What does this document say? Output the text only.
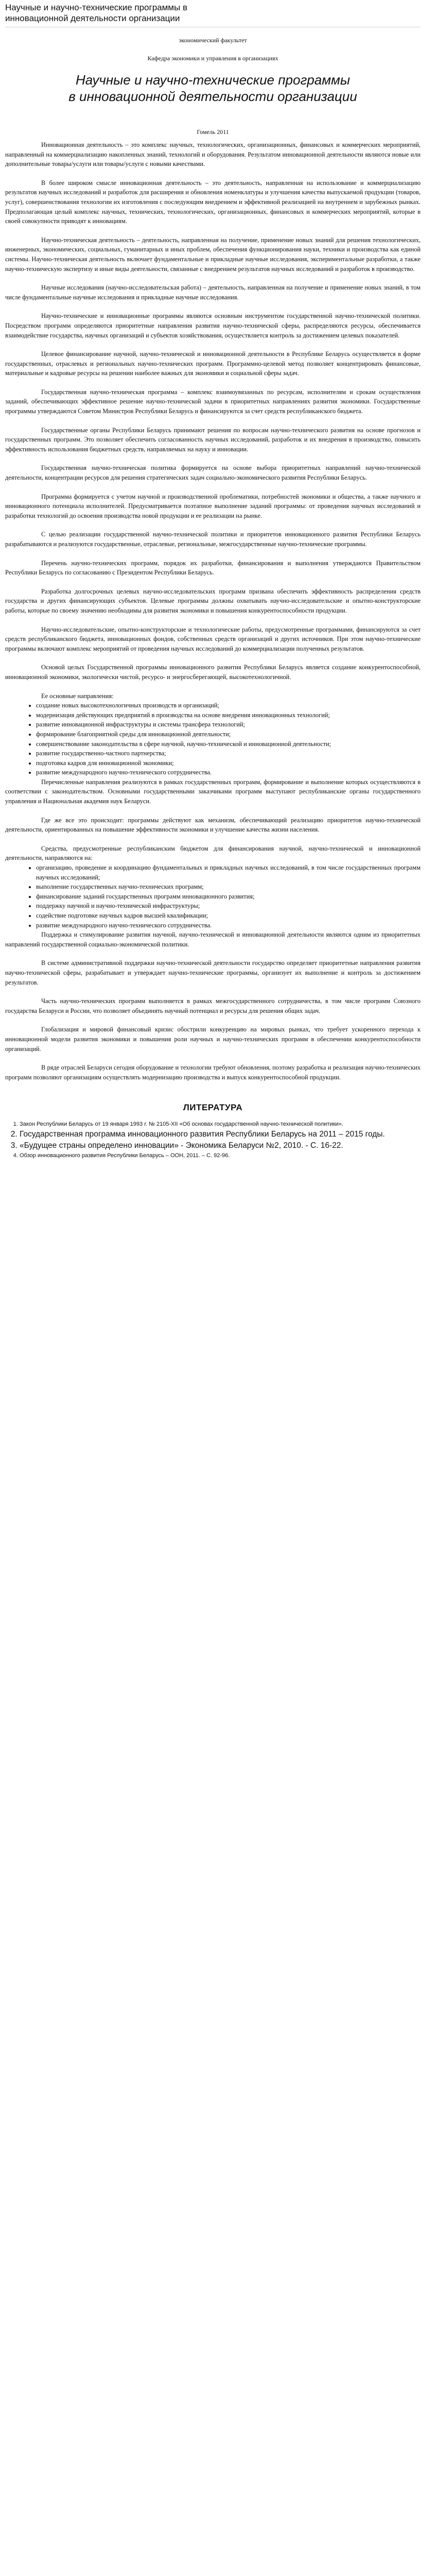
Научные и научно-технические программы в инновационной деятельности организации
экономический факультет
Кафедра экономики и управления в организациях
Научные и научно-технические программы
в инновационной деятельности организации
Гомель 2011

Инновационная деятельность – это комплекс научных, технологических, организационных, финансовых и коммерческих мероприятий, направленный на коммерциализацию накопленных знаний, технологий и оборудования. Результатом инновационной деятельности являются новые или дополнительные товары/услуги или товары/услуги с новыми качествами.

В более широком смысле инновационная деятельность – это деятельность, направленная на использование и коммерциализацию результатов научных исследований и разработок для расширения и обновления номенклатуры и улучшения качества выпускаемой продукции (товаров, услуг), совершенствования технологии их изготовления с последующим внедрением и эффективной реализацией на внутреннем и зарубежных рынках. Предполагающая целый комплекс научных, технических, технологических, организационных, финансовых и коммерческих мероприятий, которые в своей совокупности приводят к инновациям.

Научно-техническая деятельность – деятельность, направленная на получение, применение новых знаний для решения технологических, инженерных, экономических, социальных, гуманитарных и иных проблем, обеспечения функционирования науки, техники и производства как единой системы. Научно-техническая деятельность включает фундаментальные и прикладные научные исследования, экспериментальные разработки, а также научно-техническую экспертизу и иные виды деятельности, связанные с внедрением результатов научных исследований и разработок в производство.

Научные исследования (научно-исследовательская работа) – деятельность, направленная на получение и применение новых знаний, в том числе фундаментальные научные исследования и прикладные научные исследования.

Научно-технические и инновационные программы являются основным инструментом государственной научно-технической политики. Посредством программ определяются приоритетные направления развития научно-технической сферы, распределяются ресурсы, обеспечивается взаимодействие государства, научных организаций и субъектов хозяйствования, осуществляется контроль за достижением целевых показателей.

Целевое финансирование научной, научно-технической и инновационной деятельности в Республике Беларусь осуществляется в форме государственных, отраслевых и региональных научно-технических программ. Программно-целевой метод позволяет концентрировать финансовые, материальные и кадровые ресурсы на решении наиболее важных для экономики и социальной сферы задач.

Государственная научно-техническая программа – комплекс взаимоувязанных по ресурсам, исполнителям и срокам осуществления заданий, обеспечивающих эффективное решение научно-технической задачи в приоритетных направлениях развития экономики. Государственные программы утверждаются Советом Министров Республики Беларусь и финансируются за счет средств республиканского бюджета.

Государственные органы Республики Беларусь принимают решения по вопросам научно-технического развития на основе прогнозов и государственных программ. Это позволяет обеспечить согласованность научных исследований, разработок и их внедрения в производство, повысить эффективность использования бюджетных средств, направляемых на науку и инновации.

Государственная научно-техническая политика формируется на основе выбора приоритетных направлений научно-технической деятельности, концентрации ресурсов для решения стратегических задач социально-экономического развития Республики Беларусь.

Программа формируется с учетом научной и производственной проблематики, потребностей экономики и общества, а также научного и инновационного потенциала исполнителей. Предусматривается поэтапное выполнение заданий программы: от проведения научных исследований и разработки технологий до освоения производства новой продукции и ее реализации на рынке.

С целью реализации государственной научно-технической политики и приоритетов инновационного развития Республики Беларусь разрабатываются и реализуются государственные, отраслевые, региональные, межгосударственные научно-технические программы.

Перечень научно-технических программ, порядок их разработки, финансирования и выполнения утверждаются Правительством Республики Беларусь по согласованию с Президентом Республики Беларусь.

Разработка долгосрочных целевых научно-исследовательских программ призвана обеспечить эффективность распределения средств государства и других финансирующих субъектов. Целевые программы должны охватывать научно-исследовательские и опытно-конструкторские работы, которые по своему значению необходимы для развития экономики и повышения конкурентоспособности продукции.

Научно-исследовательские, опытно-конструкторские и технологические работы, предусмотренные программами, финансируются за счет средств республиканского бюджета, инновационных фондов, собственных средств организаций и других источников. При этом научно-технические программы включают комплекс мероприятий от проведения научных исследований до коммерциализации полученных результатов.

Основой целых Государственной программы инновационного развития Республики Беларусь является создание конкурентоспособной, инновационной экономики, экологически чистой, ресурсо- и энергосберегающей, высокотехнологичной.

Ее основные направления:

• создание новых высокотехнологичных производств и организаций;
• модернизация действующих предприятий в производства на основе внедрения инновационных технологий;
• развитие инновационной инфраструктуры и системы трансфера технологий;
• формирование благоприятной среды для инновационной деятельности;
• совершенствование законодательства в сфере научной, научно-технической и инновационной деятельности;
• развитие государственно-частного партнерства;
• подготовка кадров для инновационной экономики;
• развитие международного научно-технического сотрудничества.

Перечисленные направления реализуются в рамках государственных программ, формирование и выполнение которых осуществляются в соответствии с законодательством. Основными государственными заказчиками программ выступают республиканские органы государственного управления и Национальная академия наук Беларуси.

Где же все это происходит: программы действуют как механизм, обеспечивающий реализацию приоритетов научно-технической деятельности, ориентированных на повышение эффективности экономики и улучшение качества жизни населения.

Средства, предусмотренные республиканским бюджетом для финансирования научной, научно-технической и инновационной деятельности, направляются на:

• организацию, проведение и координацию фундаментальных и прикладных научных исследований, в том числе государственных программ научных исследований;
• выполнение государственных научно-технических программ;
• финансирование заданий государственных программ инновационного развития;
• поддержку научной и научно-технической инфраструктуры;
• содействие подготовке научных кадров высшей квалификации;
• развитие международного научно-технического сотрудничества.

Поддержка и стимулирование развития научной, научно-технической и инновационной деятельности являются одним из приоритетных направлений государственной социально-экономической политики.

В системе административной поддержки научно-технической деятельности государство определяет приоритетные направления развития научно-технической сферы, разрабатывает и утверждает научно-технические программы, организует их выполнение и контроль за достижением результатов.

Часть научно-технических программ выполняется в рамках межгосударственного сотрудничества, в том числе программ Союзного государства Беларуси и России, что позволяет объединять научный потенциал и ресурсы для решения общих задач.

Глобализация и мировой финансовый кризис обострили конкуренцию на мировых рынках, что требует ускоренного перехода к инновационной модели развития экономики и повышения роли научных и научно-технических программ в обеспечении конкурентоспособности организаций.

В ряде отраслей Беларуси сегодня оборудование и технологии требуют обновления, поэтому разработка и реализация научно-технических программ позволяют организациям осуществлять модернизацию производства и выпуск конкурентоспособной продукции.

ЛИТЕРАТУРА
1. Закон Республики Беларусь от 19 января 1993 г. № 2105-XII «Об основах государственной научно-технической политики».
2. Государственная программа инновационного развития Республики Беларусь на 2011 – 2015 годы.
3. «Будущее страны определено инновации» - Экономика Беларуси №2, 2010. - С. 16-22.
4. Обзор инновационного развития Республики Беларусь – ООН, 2011. – С. 92-96.
